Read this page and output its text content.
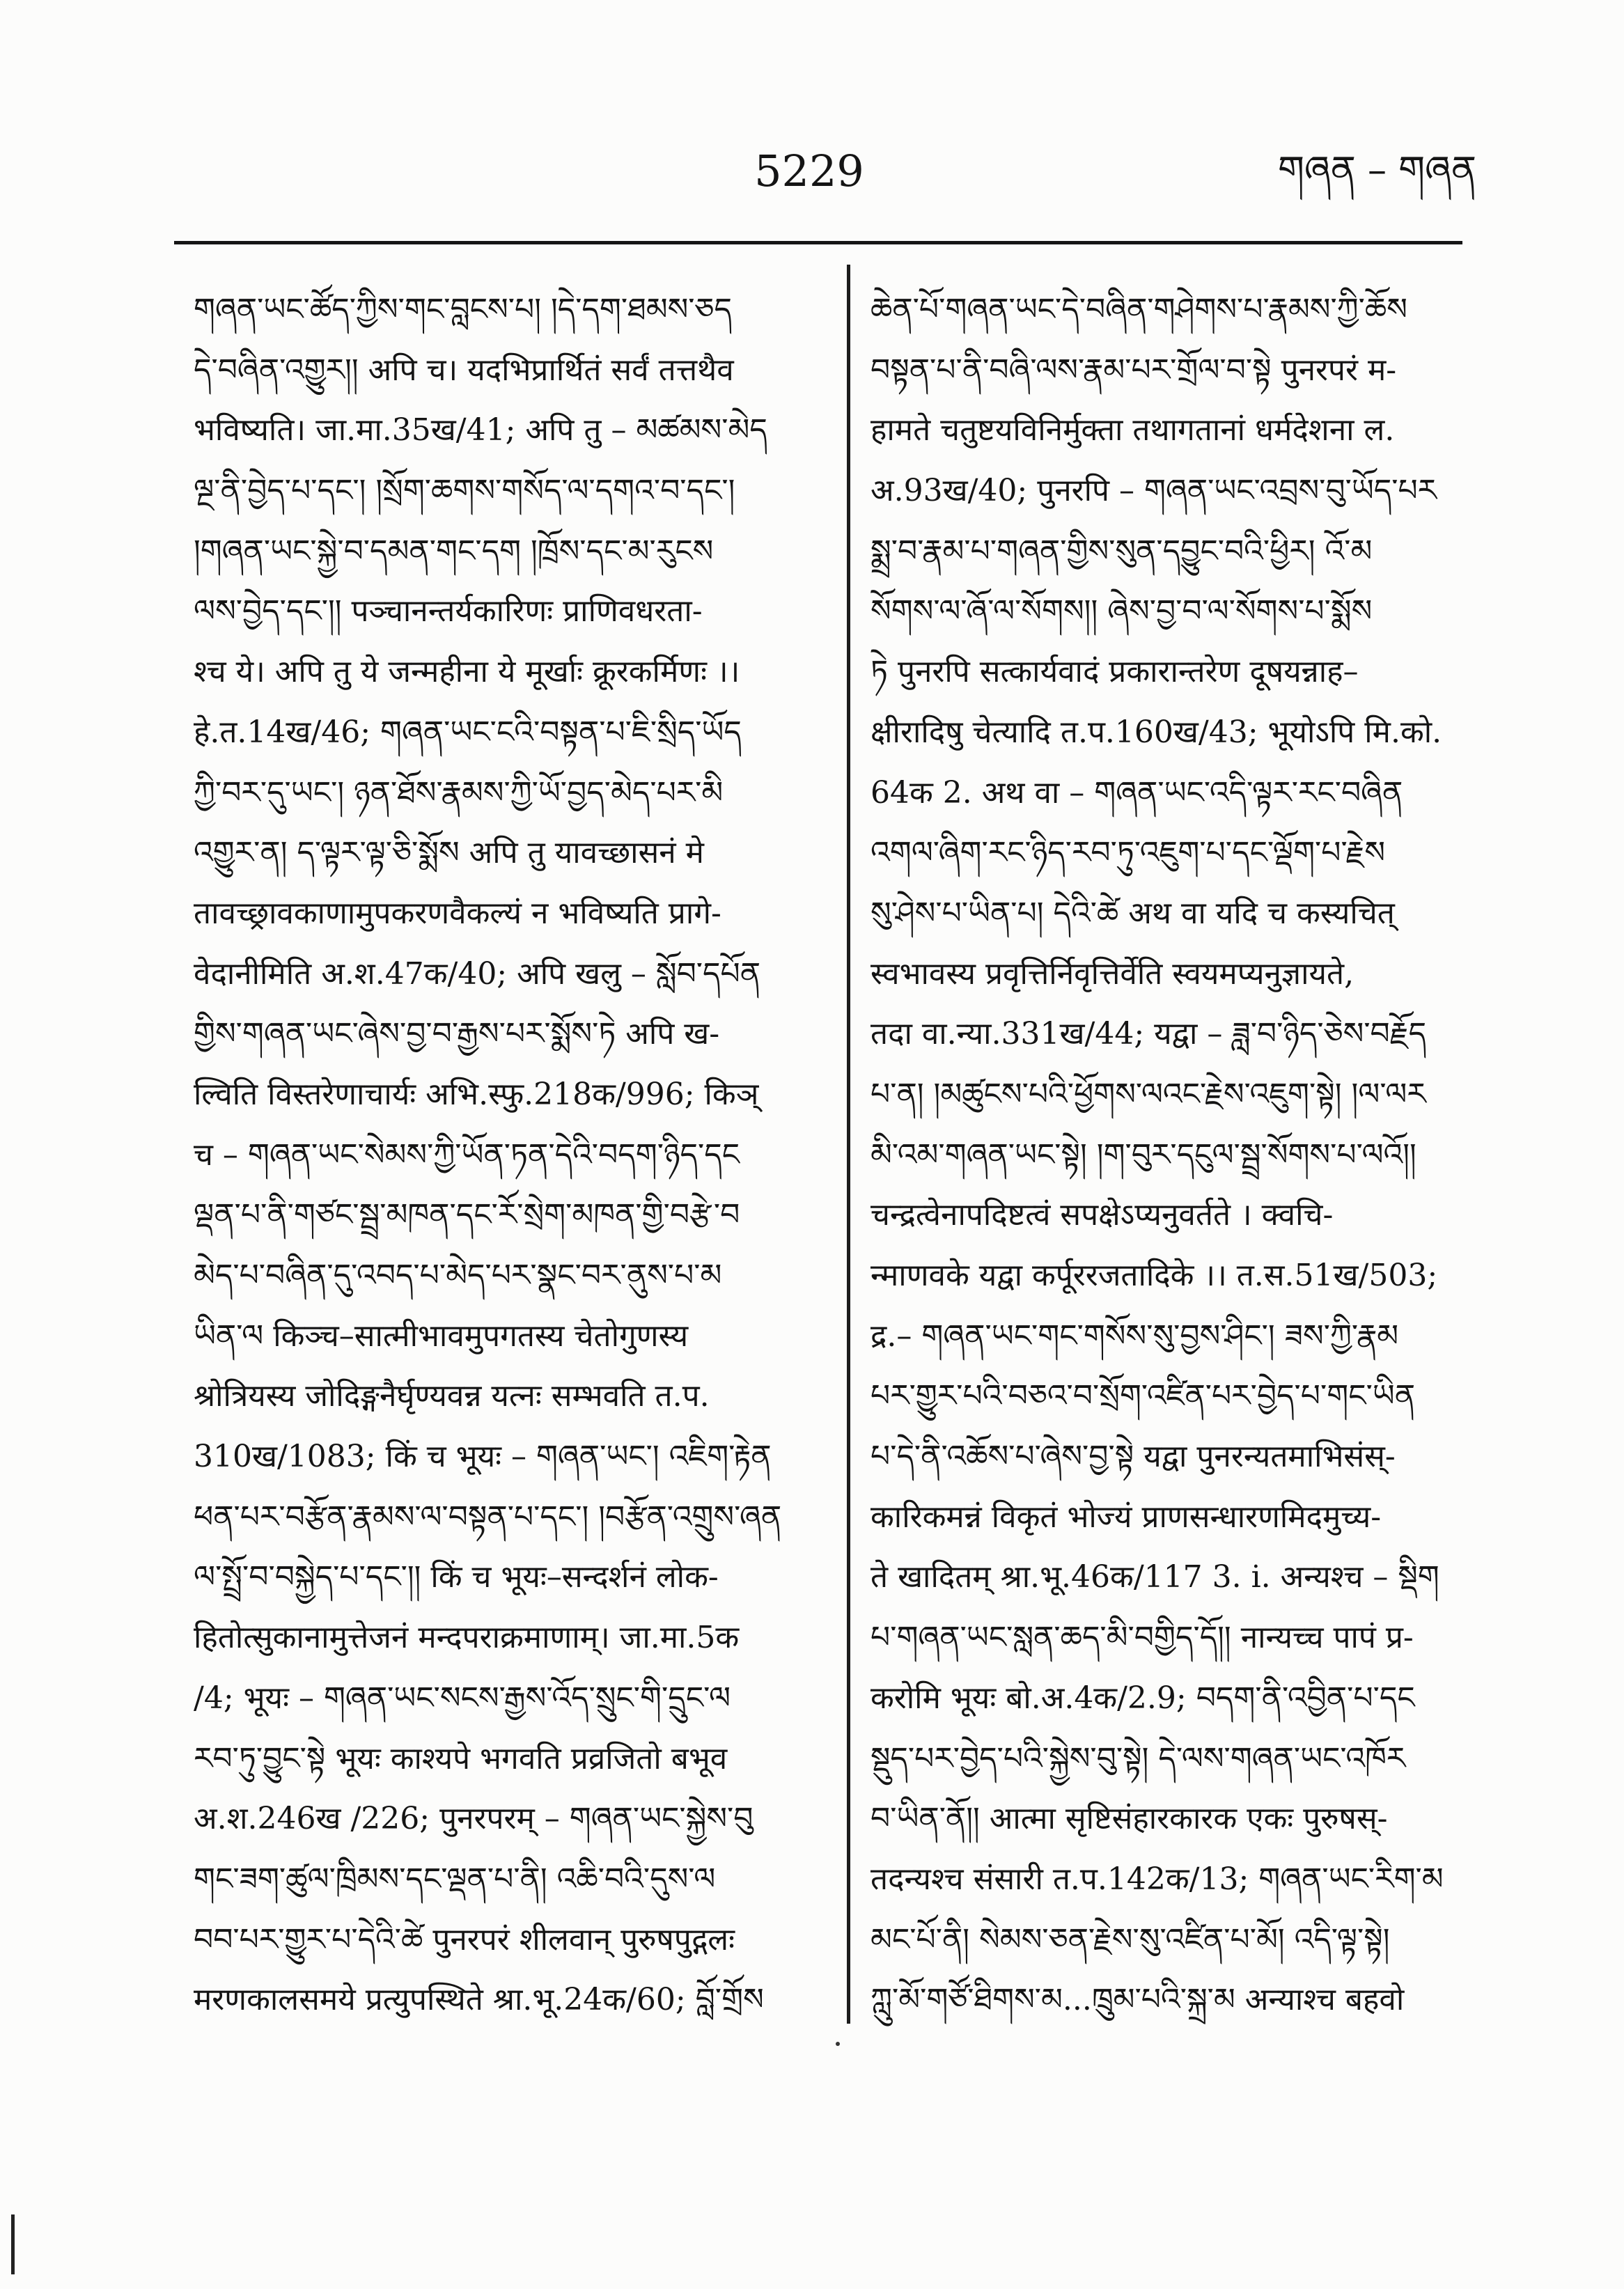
5229	གཞན – གཞན
གཞན་ཡང་ཚོད་ཀྱིས་གང་བླངས་པ། །དེ་དག་ཐམས་ཅད
དེ་བཞིན་འགྱུར།། अपि च। यदभिप्रार्थितं सर्वं तत्तथैव
भविष्यति। जा.मा.35ख/41; अपि तु – མཚམས་མེད
ལྔ་ནི་བྱེད་པ་དང་། །སྲོག་ཆགས་གསོད་ལ་དགའ་བ་དང་།
།གཞན་ཡང་སྐྱེ་བ་དམན་གང་དག །ཁྲོས་དང་མ་རུངས
ལས་བྱེད་དང་།། पञ्चानन्तर्यकारिणः प्राणिवधरता-
श्च ये। अपि तु ये जन्महीना ये मूर्खाः क्रूरकर्मिणः ।।
हे.त.14ख/46; གཞན་ཡང་ངའི་བསྟན་པ་ཇི་སྲིད་ཡོད
ཀྱི་བར་དུ་ཡང་། ཉན་ཐོས་རྣམས་ཀྱི་ཡོ་བྱད་མེད་པར་མི
འགྱུར་ན། ད་ལྟར་ལྟ་ཅི་སྨོས अपि तु यावच्छासनं मे
तावच्छ्रावकाणामुपकरणवैकल्यं न भविष्यति प्रागे-
वेदानीमिति अ.श.47क/40; अपि खलु – སློབ་དཔོན
གྱིས་གཞན་ཡང་ཞེས་བྱ་བ་རྒྱས་པར་སྨོས་ཏེ अपि ख-
ल्विति विस्तरेणाचार्यः अभि.स्फु.218क/996; किञ्
च – གཞན་ཡང་སེམས་ཀྱི་ཡོན་ཏན་དེའི་བདག་ཉིད་དང
ལྡན་པ་ནི་གཙང་སྦྲ་མཁན་དང་རོ་སྲེག་མཁན་གྱི་བརྩེ་བ
མེད་པ་བཞིན་དུ་འབད་པ་མེད་པར་སྣང་བར་ནུས་པ་མ
ཡིན་ལ किञ्च–सात्मीभावमुपगतस्य चेतोगुणस्य
श्रोत्रियस्य जोदिङ्गनैर्घृण्यवन्न यत्नः सम्भवति त.प.
310ख/1083; किं च भूयः – གཞན་ཡང་། འཇིག་རྟེན
ཕན་པར་བརྩོན་རྣམས་ལ་བསྟན་པ་དང་། །བརྩོན་འགྲུས་ཞན
ལ་སྤྲོ་བ་བསྐྱེད་པ་དང་།། किं च भूयः–सन्दर्शनं लोक-
हितोत्सुकानामुत्तेजनं मन्दपराक्रमाणाम्। जा.मा.5क
/4; भूयः – གཞན་ཡང་སངས་རྒྱས་འོད་སྲུང་གི་དྲུང་ལ
རབ་ཏུ་བྱུང་སྟེ भूयः काश्यपे भगवति प्रव्रजितो बभूव
अ.श.246ख /226; पुनरपरम् – གཞན་ཡང་སྐྱེས་བུ
གང་ཟག་ཚུལ་ཁྲིམས་དང་ལྡན་པ་ནི། འཆི་བའི་དུས་ལ
བབ་པར་གྱུར་པ་དེའི་ཚེ पुनरपरं शीलवान् पुरुषपुद्गलः
मरणकालसमये प्रत्युपस्थिते श्रा.भू.24क/60; བློ་གྲོས
ཆེན་པོ་གཞན་ཡང་དེ་བཞིན་གཤེགས་པ་རྣམས་ཀྱི་ཆོས
བསྟན་པ་ནི་བཞི་ལས་རྣམ་པར་གྲོལ་བ་སྟེ पुनरपरं म-
हामते चतुष्टयविनिर्मुक्ता तथागतानां धर्मदेशना ल.
अ.93ख/40; पुनरपि – གཞན་ཡང་འབྲས་བུ་ཡོད་པར
སྨྲ་བ་རྣམ་པ་གཞན་གྱིས་སུན་དབྱུང་བའི་ཕྱིར། འོ་མ
སོགས་ལ་ཞོ་ལ་སོགས།། ཞེས་བྱ་བ་ལ་སོགས་པ་སྨོས
ཏེ पुनरपि सत्कार्यवादं प्रकारान्तरेण दूषयन्नाह–
क्षीरादिषु चेत्यादि त.प.160ख/43; भूयोऽपि मि.को.
64क 2. अथ वा – གཞན་ཡང་འདི་ལྟར་རང་བཞིན
འགལ་ཞིག་རང་ཉིད་རབ་ཏུ་འཇུག་པ་དང་ལྡོག་པ་རྗེས
སུ་ཤེས་པ་ཡིན་པ། དེའི་ཚེ अथ वा यदि च कस्यचित्
स्वभावस्य प्रवृत्तिर्निवृत्तिर्वेति स्वयमप्यनुज्ञायते,
तदा वा.न्या.331ख/44; यद्वा – ཟླ་བ་ཉིད་ཅེས་བརྗོད
པ་ན། །མཚུངས་པའི་ཕྱོགས་ལའང་རྗེས་འཇུག་སྟེ། །ལ་ལར
མི་འམ་གཞན་ཡང་སྟེ། །ག་བུར་དངུལ་སྦྲ་སོགས་པ་ལའོ།།
चन्द्रत्वेनापदिष्टत्वं सपक्षेऽप्यनुवर्तते । क्वचि-
न्माणवके यद्वा कर्पूररजतादिके ।। त.स.51ख/503;
द्र.– གཞན་ཡང་གང་གསོས་སུ་བྱས་ཤིང་། ཟས་ཀྱི་རྣམ
པར་གྱུར་པའི་བཅའ་བ་སྲོག་འཛིན་པར་བྱེད་པ་གང་ཡིན
པ་དེ་ནི་འཆོས་པ་ཞེས་བྱ་སྟེ यद्वा पुनरन्यतमाभिसंस्-
कारिकमन्नं विकृतं भोज्यं प्राणसन्धारणमिदमुच्य-
ते खादितम् श्रा.भू.46क/117 3. i. अन्यश्च – སྡིག
པ་གཞན་ཡང་སླན་ཆད་མི་བགྱིད་དོ།། नान्यच्च पापं प्र-
करोमि भूयः बो.अ.4क/2.9; བདག་ནི་འབྱིན་པ་དང
སྡུད་པར་བྱེད་པའི་སྐྱེས་བུ་སྟེ། དེ་ལས་གཞན་ཡང་འཁོར
བ་ཡིན་ནོ།། आत्मा सृष्टिसंहारकारक एकः पुरुषस्-
तदन्यश्च संसारी त.प.142क/13; གཞན་ཡང་རིག་མ
མང་པོ་ནི། སེམས་ཅན་རྗེས་སུ་འཛིན་པ་མོ། འདི་ལྟ་སྟེ།
ཀླུ་མོ་གཙོ་ཐིགས་མ...ཁྲུམ་པའི་སྐྲ་མ अन्याश्च बहवो
